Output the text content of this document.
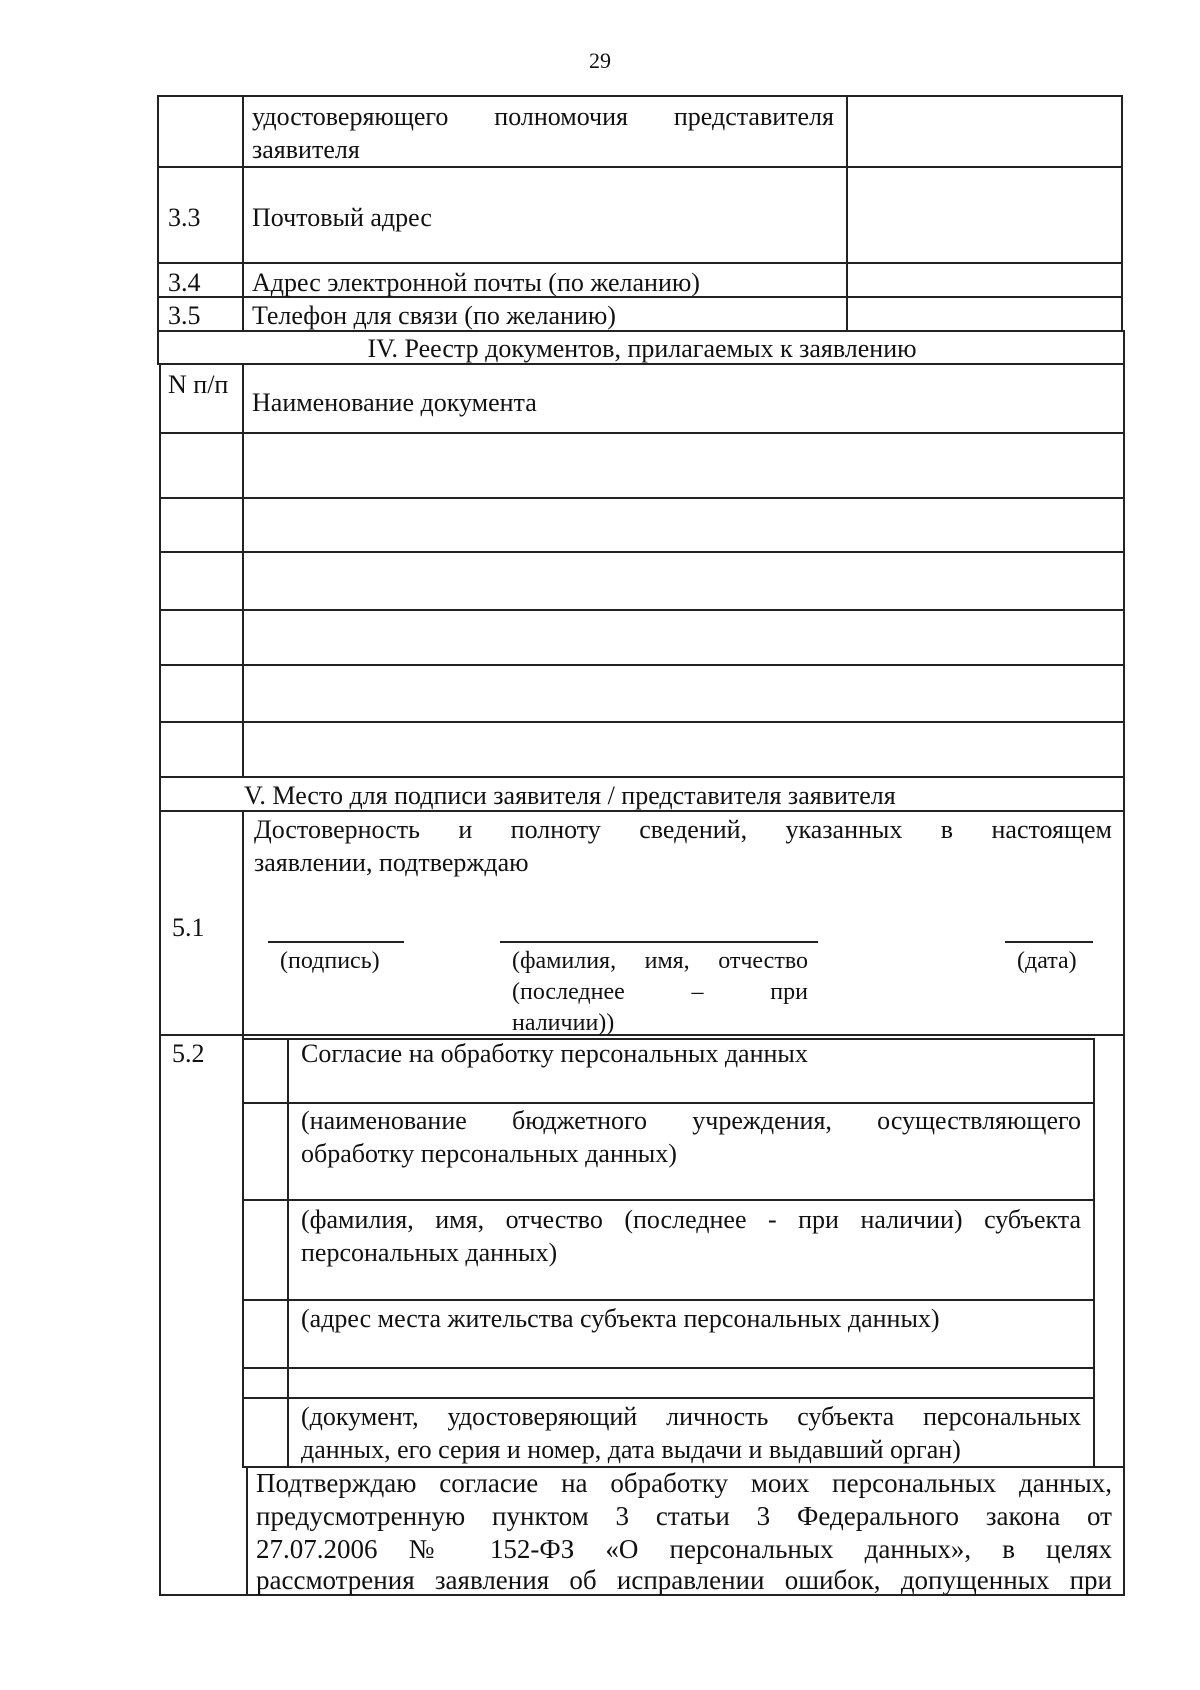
29
удостоверяющего полномочия представителя
заявителя
3.3 Почтовый адрес
3.4 Адрес электронной почты (по желанию)
3.5 Телефон для связи (по желанию)
IV. Реестр документов, прилагаемых к заявлению
N п/п
Наименование документа
V. Место для подписи заявителя / представителя заявителя
5.1
Достоверность и полноту сведений, указанных в настоящем
заявлении, подтверждаю
(подпись)	(фамилия, имя, отчество
(последнее – при
наличии))
(дата)
5.2	Согласие на обработку персональных данных
(наименование бюджетного учреждения, осуществляющего
обработку персональных данных)
(фамилия, имя, отчество (последнее - при наличии) субъекта
персональных данных)
(адрес места жительства субъекта персональных данных)
(документ, удостоверяющий личность субъекта персональных
данных, его серия и номер, дата выдачи и выдавший орган)
Подтверждаю согласие на обработку моих персональных данных,
предусмотренную пунктом 3 статьи 3 Федерального закона от
27.07.2006 № 152-ФЗ «О персональных данных», в целях
рассмотрения заявления об исправлении ошибок, допущенных при
